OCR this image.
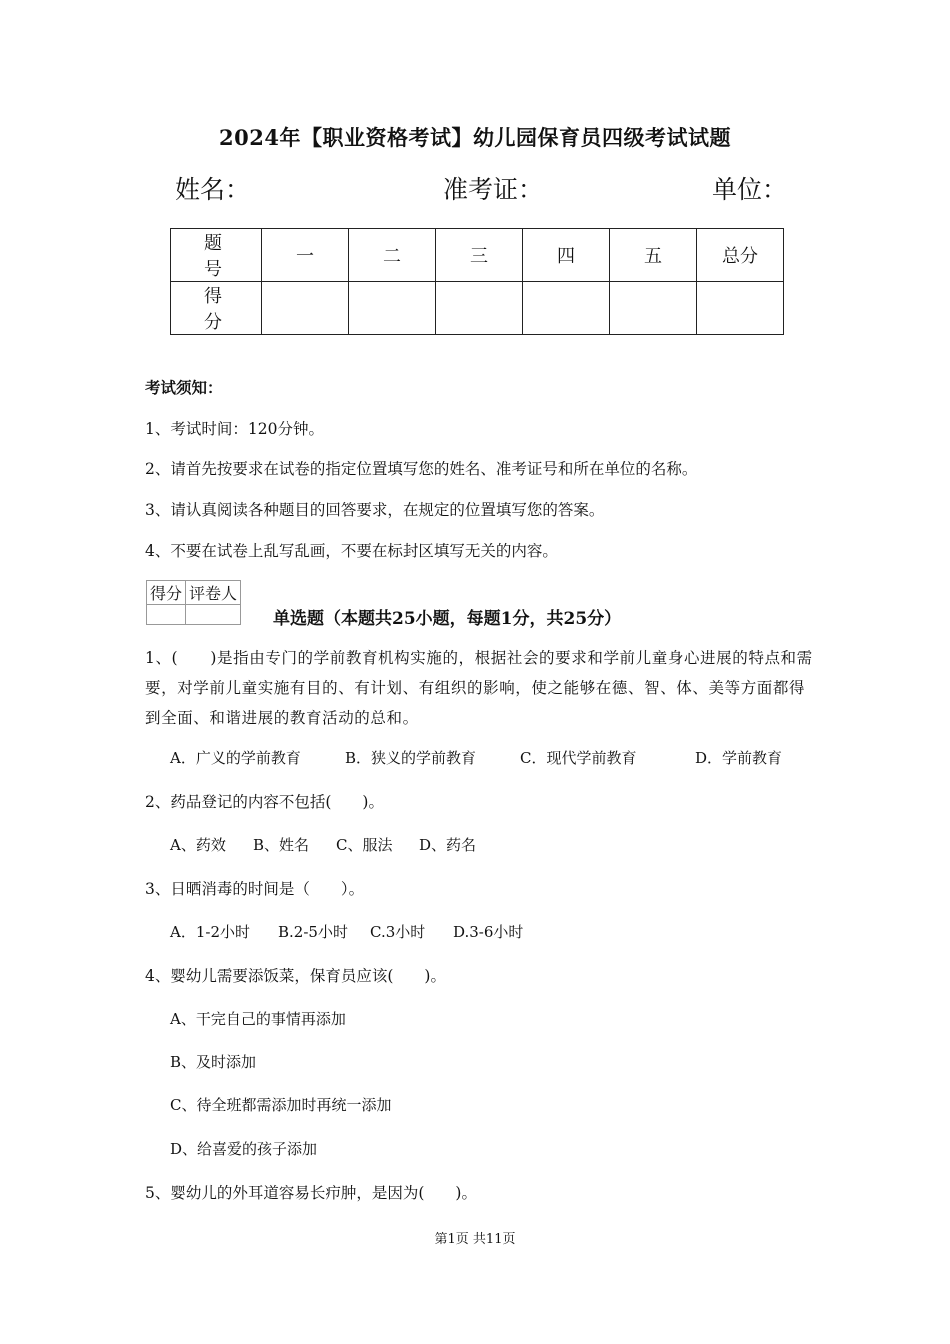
2024年【职业资格考试】幼儿园保育员四级考试试题
姓名：	准考证：	单位：
题　号	一	二	三	四	五	总分
得　分						
考试须知：
1、考试时间：120分钟。
2、请首先按要求在试卷的指定位置填写您的姓名、准考证号和所在单位的名称。
3、请认真阅读各种题目的回答要求，在规定的位置填写您的答案。
4、不要在试卷上乱写乱画，不要在标封区填写无关的内容。
得分	评卷人

单选题（本题共25小题，每题1分，共25分）
1、(　　)是指由专门的学前教育机构实施的，根据社会的要求和学前儿童身心进展的特点和需要，对学前儿童实施有目的、有计划、有组织的影响，使之能够在德、智、体、美等方面都得到全面、和谐进展的教育活动的总和。
A．广义的学前教育	B．狭义的学前教育	C．现代学前教育	D．学前教育
2、药品登记的内容不包括(　　)。
A、药效 B、姓名 C、服法 D、药名
3、日晒消毒的时间是（　　）。
A．1-2小时 B.2-5小时 C.3小时 D.3-6小时
4、婴幼儿需要添饭菜，保育员应该(　　)。
A、干完自己的事情再添加
B、及时添加
C、待全班都需添加时再统一添加
D、给喜爱的孩子添加
5、婴幼儿的外耳道容易长疖肿，是因为(　　)。
第1页 共11页
